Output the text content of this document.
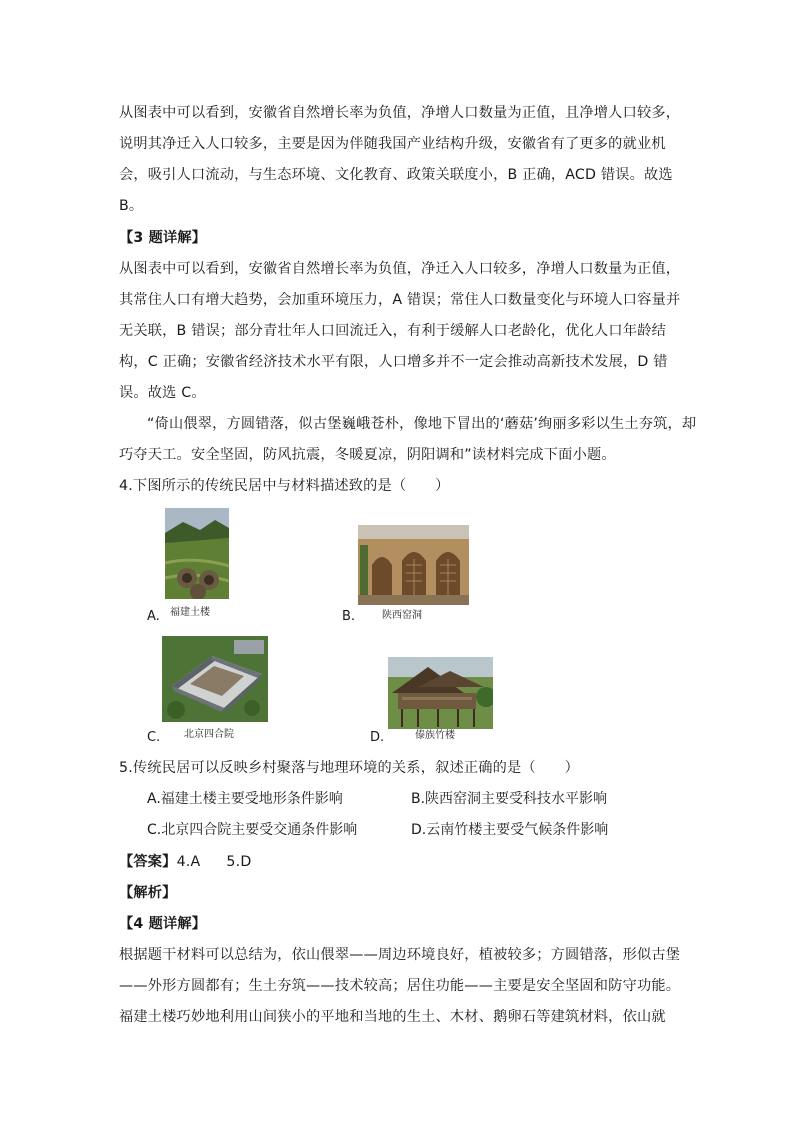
从图表中可以看到，安徽省自然增长率为负值，净增人口数量为正值，且净增人口较多，
说明其净迁入人口较多，主要是因为伴随我国产业结构升级，安徽省有了更多的就业机
会，吸引人口流动，与生态环境、文化教育、政策关联度小，B 正确，ACD 错误。故选
B。
【3 题详解】
从图表中可以看到，安徽省自然增长率为负值，净迁入人口较多，净增人口数量为正值，
其常住人口有增大趋势，会加重环境压力，A 错误；常住人口数量变化与环境人口容量并
无关联，B 错误；部分青壮年人口回流迁入，有利于缓解人口老龄化，优化人口年龄结
构，C 正确；安徽省经济技术水平有限，人口增多并不一定会推动高新技术发展，D 错
误。故选 C。
“倚山偎翠，方圆错落，似古堡巍峨苍朴，像地下冒出的‘蘑菇’绚丽多彩以生土夯筑，却
巧夺天工。安全坚固，防风抗震，冬暖夏凉，阴阳调和”读材料完成下面小题。
4.下图所示的传统民居中与材料描述致的是（　　）
A. 福建土楼	B.	陕西窑洞
C. 北京四合院	D.	傣族竹楼
5.传统民居可以反映乡村聚落与地理环境的关系，叙述正确的是（　　）
A.福建土楼主要受地形条件影响	B.陕西窑洞主要受科技水平影响
C.北京四合院主要受交通条件影响	D.云南竹楼主要受气候条件影响
【答案】4.A 5.D
【解析】
【4 题详解】
根据题干材料可以总结为，依山偎翠——周边环境良好，植被较多；方圆错落，形似古堡
——外形方圆都有；生土夯筑——技术较高；居住功能——主要是安全坚固和防守功能。
福建土楼巧妙地利用山间狭小的平地和当地的生土、木材、鹅卵石等建筑材料，依山就
